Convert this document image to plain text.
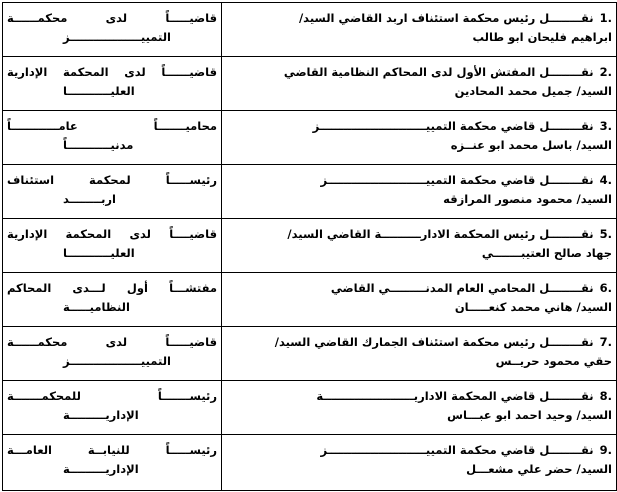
1.نقــــــــل رئيس محكمة استئناف اربد القاضي السيد/
ابراهيم فليحان ابو طالب	قاضيـــــاً لدى محكمــــــة
التمييــــــــــــــــــز

2.نقــــــــل المفتش الأول لدى المحاكم النظامية القاضي
السيد/ جميل محمد المحادين	قاضيــــــاً لدى المحكمة الإدارية
العليـــــــــــا

3.نقــــــــل قاضي محكمة التمييـــــــــــــــــــــــــــز
السيد/ باسل محمد ابو عنــزه	محاميـــــــاً عامــــــــــــاً
مدنيـــــــــــاً

4.نقــــــــل قاضي محكمة التمييـــــــــــــــــــــــــز
السيد/ محمود منصور المرازقه	رئيســـــاً لمحكمة استئناف
اربــــــــد

5.نقــــــــل رئيس المحكمة الادارــــــــــة القاضي السيد/
جهاد صالح العتيبـــــــي	قاضيــــاً لدى المحكمة الإدارية
العليـــــــــــا

6.نقــــــــل المحامي العام المدنـــــــــي القاضي
السيد/ هاني محمد كنعـــــان	مفتشـــاً أول لـــدى المحاكم
النظاميـــــة

7.نقــــــــل رئيس محكمة استئناف الجمارك القاضي السيد/
حقي محمود حريــس	قاضيـــــاً لدى محكمــــــة
التمييــــــــــــــــــز

8.نقــــــــل قاضي المحكمة الاداريـــــــــــــــــــــــة
السيد/ وحيد احمد ابو عبـــاس	رئيســـــــاً للمحكمـــــــة
الإداريـــــــــة

9.نقــــــــل قاضي محكمة التمييـــــــــــــــــــــــــز
السيد/ حضر علي مشعـــل	رئيســـــاً للنيابــة العامـــة
الإداريـــــــــة
